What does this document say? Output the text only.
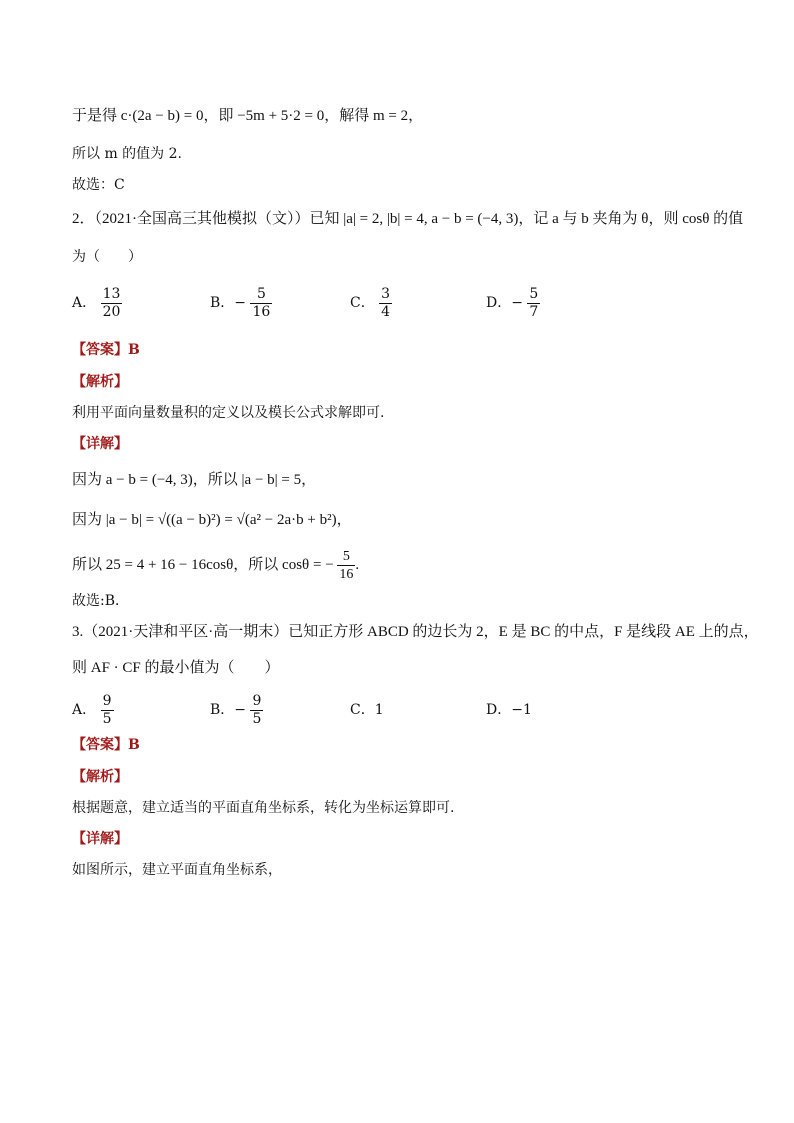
于是得 c·(2a − b) = 0，即 −5m + 5·2 = 0，解得 m = 2，
所以 m 的值为 2.
故选：C
2．（2021·全国高三其他模拟（文））已知 |a| = 2, |b| = 4, a − b = (−4, 3)，记 a 与 b 夹角为 θ，则 cosθ 的值
为（　　）
A． $\frac{13}{20}$	B．− $\frac{5}{16}$	C． $\frac{3}{4}$	D．− $\frac{5}{7}$
【答案】B
【解析】
利用平面向量数量积的定义以及模长公式求解即可.
【详解】
因为 a − b = (−4, 3)，所以 |a − b| = 5，
因为 |a − b| = √((a − b)²) = √(a² − 2a·b + b²)，
所以 25 = 4 + 16 − 16cosθ，所以 cosθ = − $\frac{5}{16}$ .
故选:B．
3.（2021·天津和平区·高一期末）已知正方形 ABCD 的边长为 2，E 是 BC 的中点，F 是线段 AE 上的点，
则 AF · CF 的最小值为（　　）
A． $\frac{9}{5}$	B．− $\frac{9}{5}$	C．1	D．−1
【答案】B
【解析】
根据题意，建立适当的平面直角坐标系，转化为坐标运算即可.
【详解】
如图所示，建立平面直角坐标系，
